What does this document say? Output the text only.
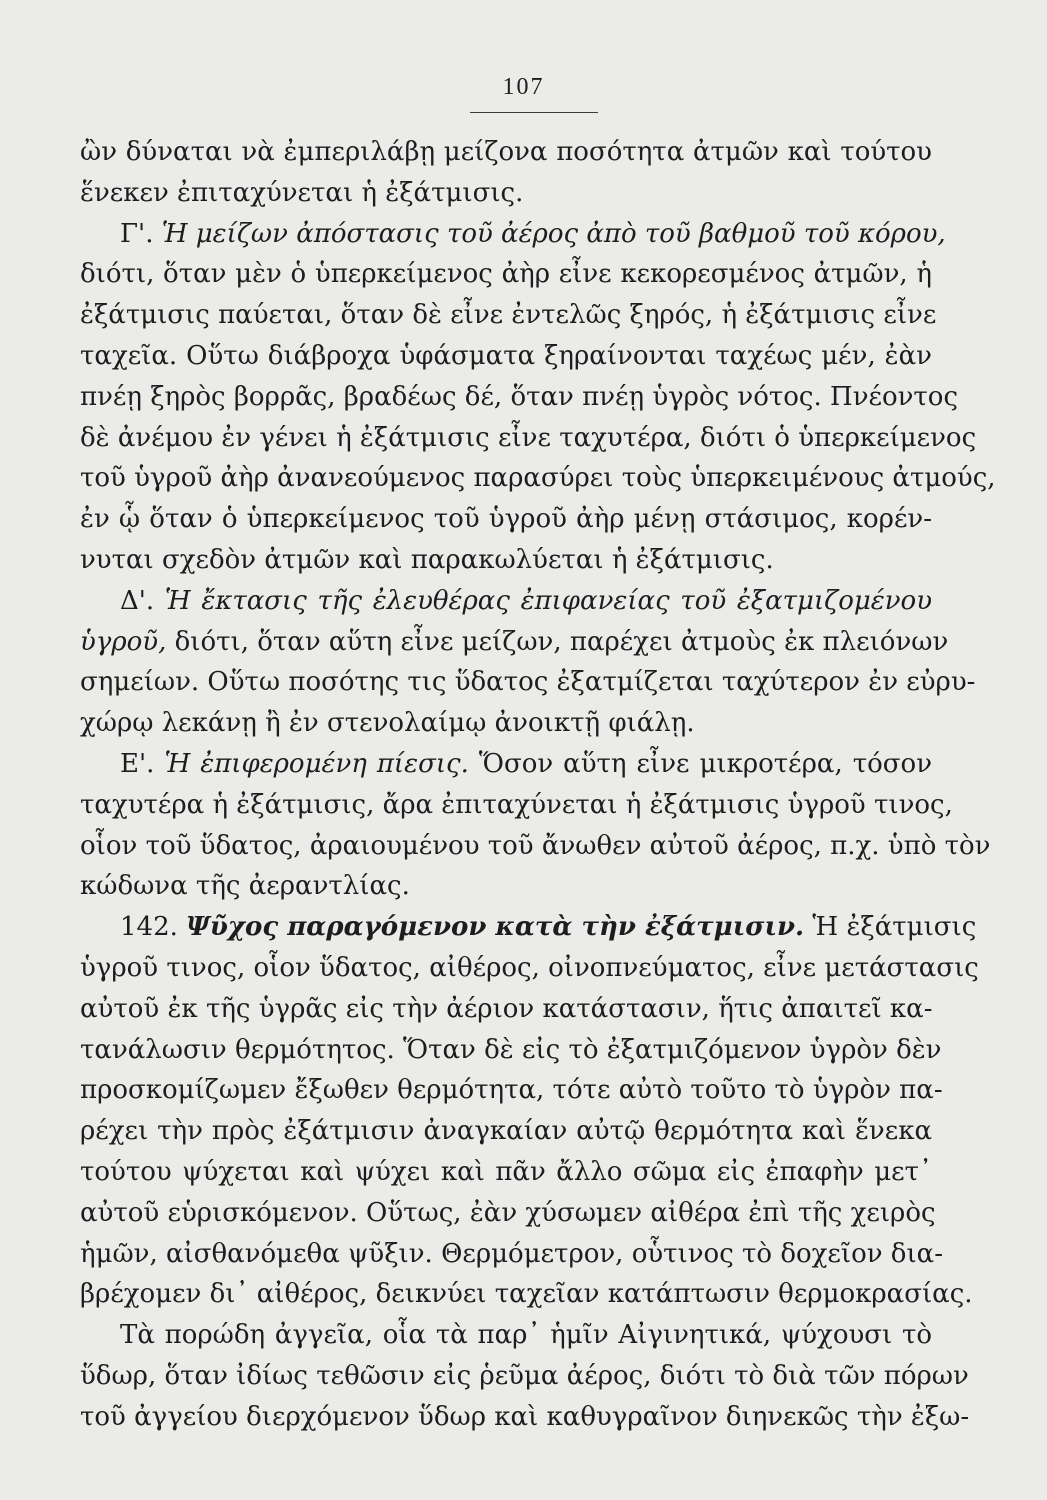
107
ὢν δύναται νὰ ἐμπεριλάβῃ μείζονα ποσότητα ἀτμῶν καὶ τούτου
ἕνεκεν ἐπιταχύνεται ἡ ἐξάτμισις.
Γ'. Ἡ μείζων ἀπόστασις τοῦ ἀέρος ἀπὸ τοῦ βαθμοῦ τοῦ κόρου,
διότι, ὅταν μὲν ὁ ὑπερκείμενος ἀὴρ εἶνε κεκορεσμένος ἀτμῶν, ἡ
ἐξάτμισις παύεται, ὅταν δὲ εἶνε ἐντελῶς ξηρός, ἡ ἐξάτμισις εἶνε
ταχεῖα. Οὕτω διάβροχα ὑφάσματα ξηραίνονται ταχέως μέν, ἐὰν
πνέῃ ξηρὸς βορρᾶς, βραδέως δέ, ὅταν πνέῃ ὑγρὸς νότος. Πνέοντος
δὲ ἀνέμου ἐν γένει ἡ ἐξάτμισις εἶνε ταχυτέρα, διότι ὁ ὑπερκείμενος
τοῦ ὑγροῦ ἀὴρ ἀνανεούμενος παρασύρει τοὺς ὑπερκειμένους ἀτμούς,
ἐν ᾧ ὅταν ὁ ὑπερκείμενος τοῦ ὑγροῦ ἀὴρ μένῃ στάσιμος, κορέν-
νυται σχεδὸν ἀτμῶν καὶ παρακωλύεται ἡ ἐξάτμισις.
Δ'. Ἡ ἔκτασις τῆς ἐλευθέρας ἐπιφανείας τοῦ ἐξατμιζομένου
ὑγροῦ, διότι, ὅταν αὕτη εἶνε μείζων, παρέχει ἀτμοὺς ἐκ πλειόνων
σημείων. Οὕτω ποσότης τις ὕδατος ἐξατμίζεται ταχύτερον ἐν εὐρυ-
χώρῳ λεκάνῃ ἢ ἐν στενολαίμῳ ἀνοικτῇ φιάλῃ.
Ε'. Ἡ ἐπιφερομένη πίεσις. Ὅσον αὕτη εἶνε μικροτέρα, τόσον
ταχυτέρα ἡ ἐξάτμισις, ἄρα ἐπιταχύνεται ἡ ἐξάτμισις ὑγροῦ τινος,
οἷον τοῦ ὕδατος, ἀραιουμένου τοῦ ἄνωθεν αὐτοῦ ἀέρος, π.χ. ὑπὸ τὸν
κώδωνα τῆς ἀεραντλίας.
142. Ψῦχος παραγόμενον κατὰ τὴν ἐξάτμισιν. Ἡ ἐξάτμισις
ὑγροῦ τινος, οἷον ὕδατος, αἰθέρος, οἰνοπνεύματος, εἶνε μετάστασις
αὐτοῦ ἐκ τῆς ὑγρᾶς εἰς τὴν ἀέριον κατάστασιν, ἥτις ἀπαιτεῖ κα-
τανάλωσιν θερμότητος. Ὅταν δὲ εἰς τὸ ἐξατμιζόμενον ὑγρὸν δὲν
προσκομίζωμεν ἔξωθεν θερμότητα, τότε αὐτὸ τοῦτο τὸ ὑγρὸν πα-
ρέχει τὴν πρὸς ἐξάτμισιν ἀναγκαίαν αὐτῷ θερμότητα καὶ ἕνεκα
τούτου ψύχεται καὶ ψύχει καὶ πᾶν ἄλλο σῶμα εἰς ἐπαφὴν μετ᾽
αὐτοῦ εὑρισκόμενον. Οὕτως, ἐὰν χύσωμεν αἰθέρα ἐπὶ τῆς χειρὸς
ἡμῶν, αἰσθανόμεθα ψῦξιν. Θερμόμετρον, οὗτινος τὸ δοχεῖον δια-
βρέχομεν δι᾽ αἰθέρος, δεικνύει ταχεῖαν κατάπτωσιν θερμοκρασίας.
Τὰ πορώδη ἀγγεῖα, οἷα τὰ παρ᾽ ἡμῖν Αἰγινητικά, ψύχουσι τὸ
ὕδωρ, ὅταν ἰδίως τεθῶσιν εἰς ῥεῦμα ἀέρος, διότι τὸ διὰ τῶν πόρων
τοῦ ἀγγείου διερχόμενον ὕδωρ καὶ καθυγραῖνον διηνεκῶς τὴν ἐξω-
